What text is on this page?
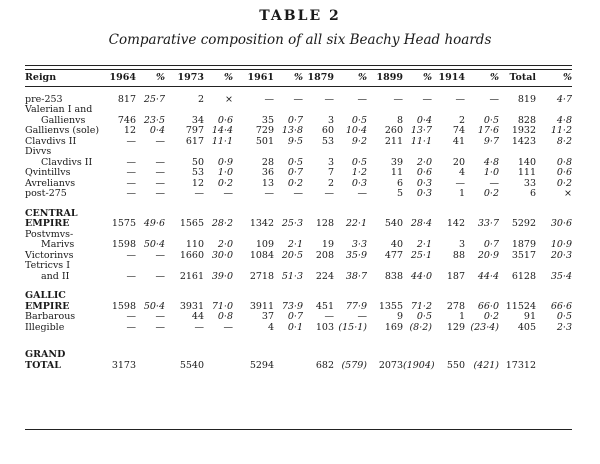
TABLE 2
Comparative composition of all six Beachy Head hoards
Reign	1964	%	1973	%	1961	%	1879	%	1899	%	1914	%	Total	%

pre-253	817	25·7	2	×	—	—	—	—	—	—	—	—	819	4·7
Valerian I and														
Gallienvs	746	23·5	34	0·6	35	0·7	3	0·5	8	0·4	2	0·5	828	4·8
Gallienvs (sole)	12	0·4	797	14·4	729	13·8	60	10·4	260	13·7	74	17·6	1932	11·2
Clavdivs II	—	—	617	11·1	501	9·5	53	9·2	211	11·1	41	9·7	1423	8·2
Divvs														
Clavdivs II	—	—	50	0·9	28	0·5	3	0·5	39	2·0	20	4·8	140	0·8
Qvintillvs	—	—	53	1·0	36	0·7	7	1·2	11	0·6	4	1·0	111	0·6
Avrelianvs	—	—	12	0·2	13	0·2	2	0·3	6	0·3	—	—	33	0·2
post-275	—	—	—	—	—	—	—	—	5	0·3	1	0·2	6	×

CENTRAL														
EMPIRE	1575	49·6	1565	28·2	1342	25·3	128	22·1	540	28·4	142	33·7	5292	30·6
Postvmvs-														
Marivs	1598	50·4	110	2·0	109	2·1	19	3·3	40	2·1	3	0·7	1879	10·9
Victorinvs	—	—	1660	30·0	1084	20·5	208	35·9	477	25·1	88	20·9	3517	20·3
Tetricvs I														
and II	—	—	2161	39·0	2718	51·3	224	38·7	838	44·0	187	44·4	6128	35·4

GALLIC														
EMPIRE	1598	50·4	3931	71·0	3911	73·9	451	77·9	1355	71·2	278	66·0	11524	66·6
Barbarous	—	—	44	0·8	37	0·7	—	—	9	0·5	1	0·2	91	0·5
Illegible	—	—	—	—	4	0·1	103	(15·1)	169	(8·2)	129	(23·4)	405	2·3

GRAND														
TOTAL	3173		5540		5294		682	(579)	2073	(1904)	550	(421)	17312	
